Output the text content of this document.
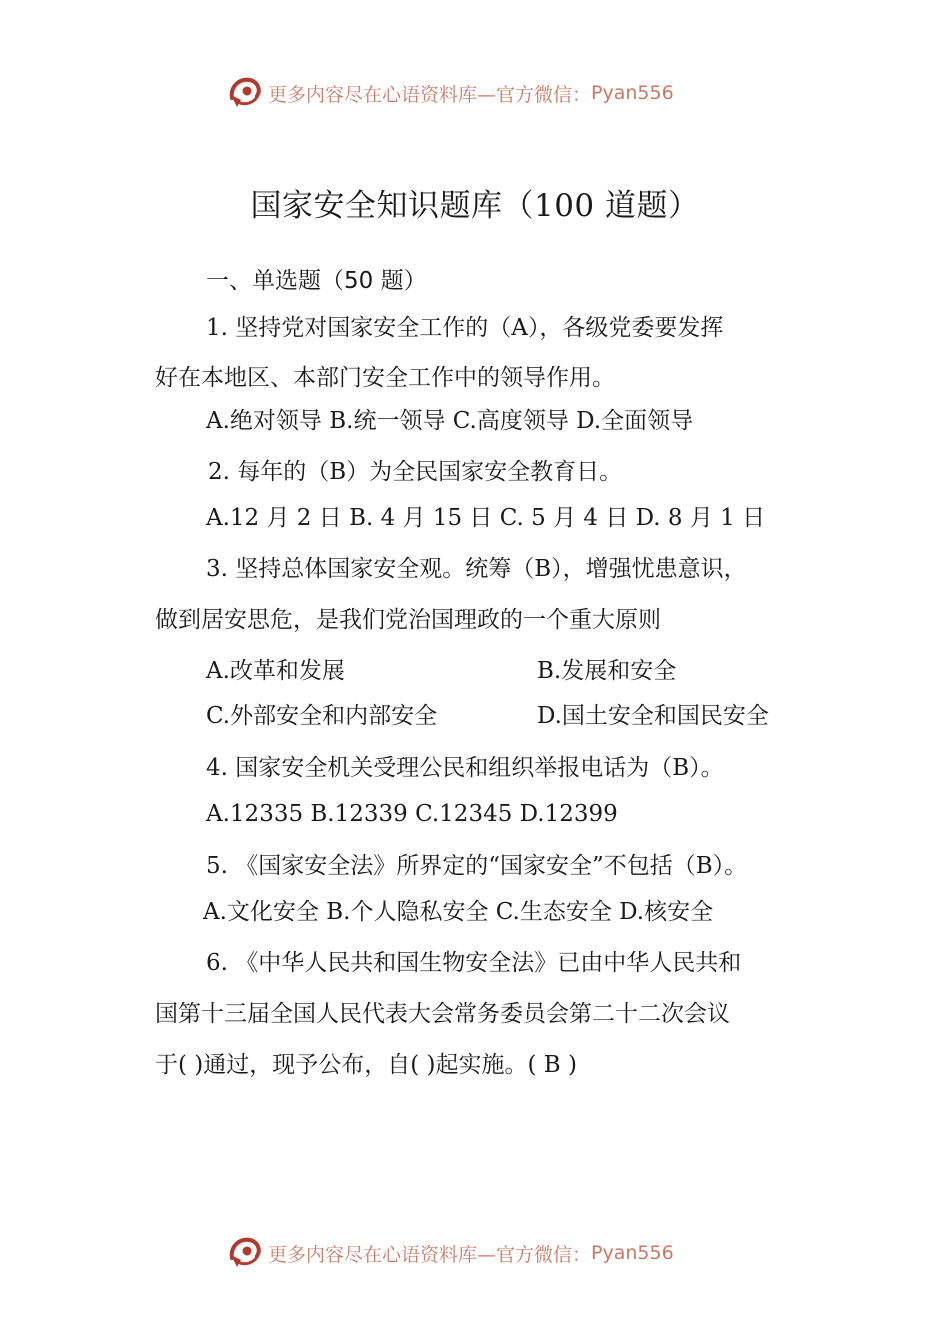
更多内容尽在心语资料库—官方微信： Pyan556
国家安全知识题库（100 道题）
一、单选题（50 题）
1. 坚持党对国家安全工作的（A），各级党委要发挥
好在本地区、本部门安全工作中的领导作用。
A.绝对领导 B.统一领导 C.高度领导 D.全面领导
2. 每年的（B）为全民国家安全教育日。
A.12 月 2 日 B. 4 月 15 日 C. 5 月 4 日 D. 8 月 1 日
3. 坚持总体国家安全观。统筹（B），增强忧患意识，
做到居安思危，是我们党治国理政的一个重大原则
A.改革和发展	B.发展和安全
C.外部安全和内部安全	D.国土安全和国民安全
4. 国家安全机关受理公民和组织举报电话为（B）。
A.12335 B.12339 C.12345 D.12399
5. 《国家安全法》所界定的“国家安全”不包括（B）。
A.文化安全 B.个人隐私安全 C.生态安全 D.核安全
6. 《中华人民共和国生物安全法》已由中华人民共和
国第十三届全国人民代表大会常务委员会第二十二次会议
于( )通过，现予公布，自( )起实施。( B )
更多内容尽在心语资料库—官方微信： Pyan556
